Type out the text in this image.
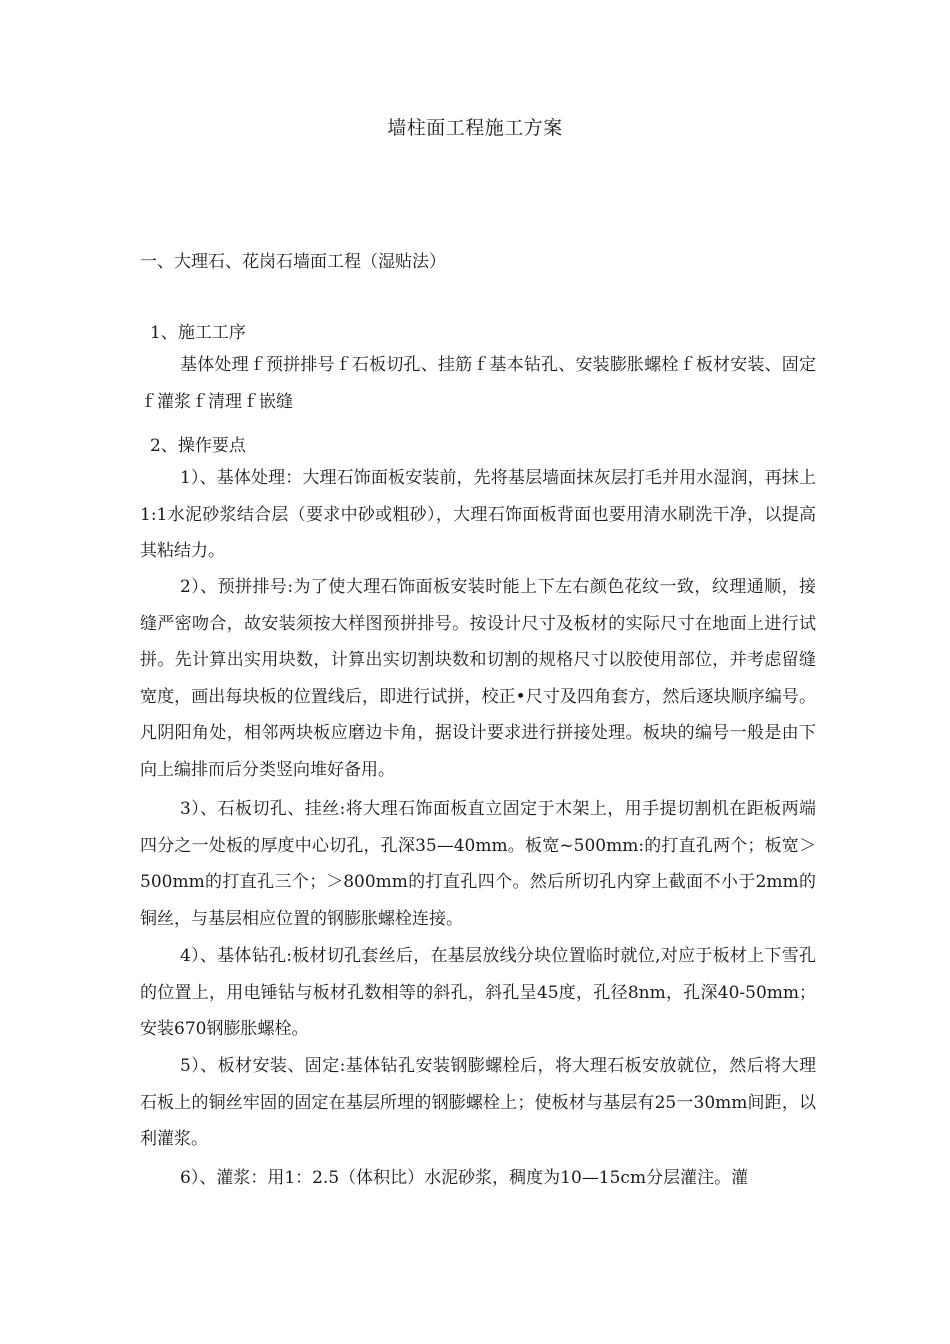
墙柱面工程施工方案
一、大理石、花岗石墙面工程（湿贴法）
1、施工工序
基体处理ｆ预拼排号ｆ石板切孔、挂筋ｆ基本钻孔、安装膨胀螺栓ｆ板材安装、固定ｆ灌浆ｆ清理ｆ嵌缝
2、操作要点
1）、基体处理：大理石饰面板安装前，先将基层墙面抹灰层打毛并用水湿润，再抹上1:1水泥砂浆结合层（要求中砂或粗砂），大理石饰面板背面也要用清水刷洗干净，以提高其粘结力。
2）、预拼排号:为了使大理石饰面板安装时能上下左右颜色花纹一致，纹理通顺，接缝严密吻合，故安装须按大样图预拼排号。按设计尺寸及板材的实际尺寸在地面上进行试拼。先计算出实用块数，计算出实切割块数和切割的规格尺寸以胶使用部位，并考虑留缝宽度，画出每块板的位置线后，即进行试拼，校正•尺寸及四角套方，然后逐块顺序编号。凡阴阳角处，相邻两块板应磨边卡角，据设计要求进行拼接处理。板块的编号一般是由下向上编排而后分类竖向堆好备用。
3）、石板切孔、挂丝:将大理石饰面板直立固定于木架上，用手提切割机在距板两端四分之一处板的厚度中心切孔，孔深35—40mm。板宽~500mm:的打直孔两个；板宽＞500mm的打直孔三个；＞800mm的打直孔四个。然后所切孔内穿上截面不小于2mm的铜丝，与基层相应位置的钢膨胀螺栓连接。
4）、基体钻孔:板材切孔套丝后，在基层放线分块位置临时就位,对应于板材上下雪孔的位置上，用电锤钻与板材孔数相等的斜孔，斜孔呈45度，孔径8nm，孔深40-50mm；安装670钢膨胀螺栓。
5）、板材安装、固定:基体钻孔安装钢膨螺栓后，将大理石板安放就位，然后将大理石板上的铜丝牢固的固定在基层所埋的钢膨螺栓上；使板材与基层有25一30mm间距，以利灌浆。
6）、灌浆：用1：2.5（体积比）水泥砂浆，稠度为10—15cm分层灌注。灌
